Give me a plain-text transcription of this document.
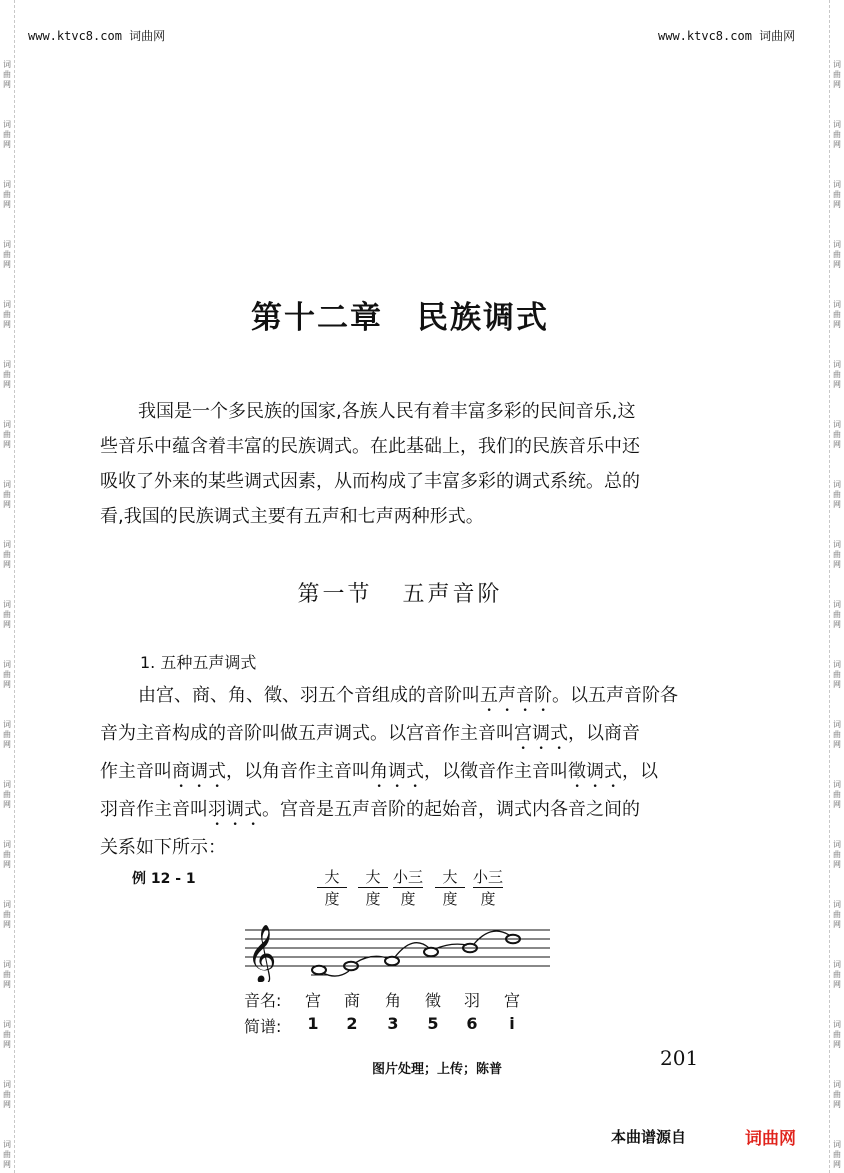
词
曲
网
词
曲
网
词
曲
网
词
曲
网
词
曲
网
词
曲
网
词
曲
网
词
曲
网
词
曲
网
词
曲
网
词
曲
网
词
曲
网
词
曲
网
词
曲
网
词
曲
网
词
曲
网
词
曲
网
词
曲
网
词
曲
网
词
曲
网
词
曲
网
词
曲
网
词
曲
网
词
曲
网
词
曲
网
词
曲
网
词
曲
网
词
曲
网
词
曲
网
词
曲
网
词
曲
网
词
曲
网
词
曲
网
词
曲
网
词
曲
网
词
曲
网
词
曲
网
词
曲
网
www.ktvc8.com 词曲网	www.ktvc8.com 词曲网
第十二章 民族调式
我国是一个多民族的国家,各族人民有着丰富多彩的民间音乐,这
些音乐中蕴含着丰富的民族调式。在此基础上，我们的民族音乐中还
吸收了外来的某些调式因素，从而构成了丰富多彩的调式系统。总的
看,我国的民族调式主要有五声和七声两种形式。
第一节 五声音阶
1. 五种五声调式
由宫、商、角、徵、羽五个音组成的音阶叫五声音阶。以五声音阶各
音为主音构成的音阶叫做五声调式。以宫音作主音叫宫调式，以商音
作主音叫商调式，以角音作主音叫角调式，以徵音作主音叫徵调式，以
羽音作主音叫羽调式。宫音是五声音阶的起始音，调式内各音之间的
关系如下所示：
例 12 - 1	大
度
大
度
小三
度
大
度
小三
度
𝄞
音名:	宫	商	角	徵	羽	宫
简谱:	1	2	3	5	6	i
201
图片处理；上传；陈普
本曲谱源自	词曲网
